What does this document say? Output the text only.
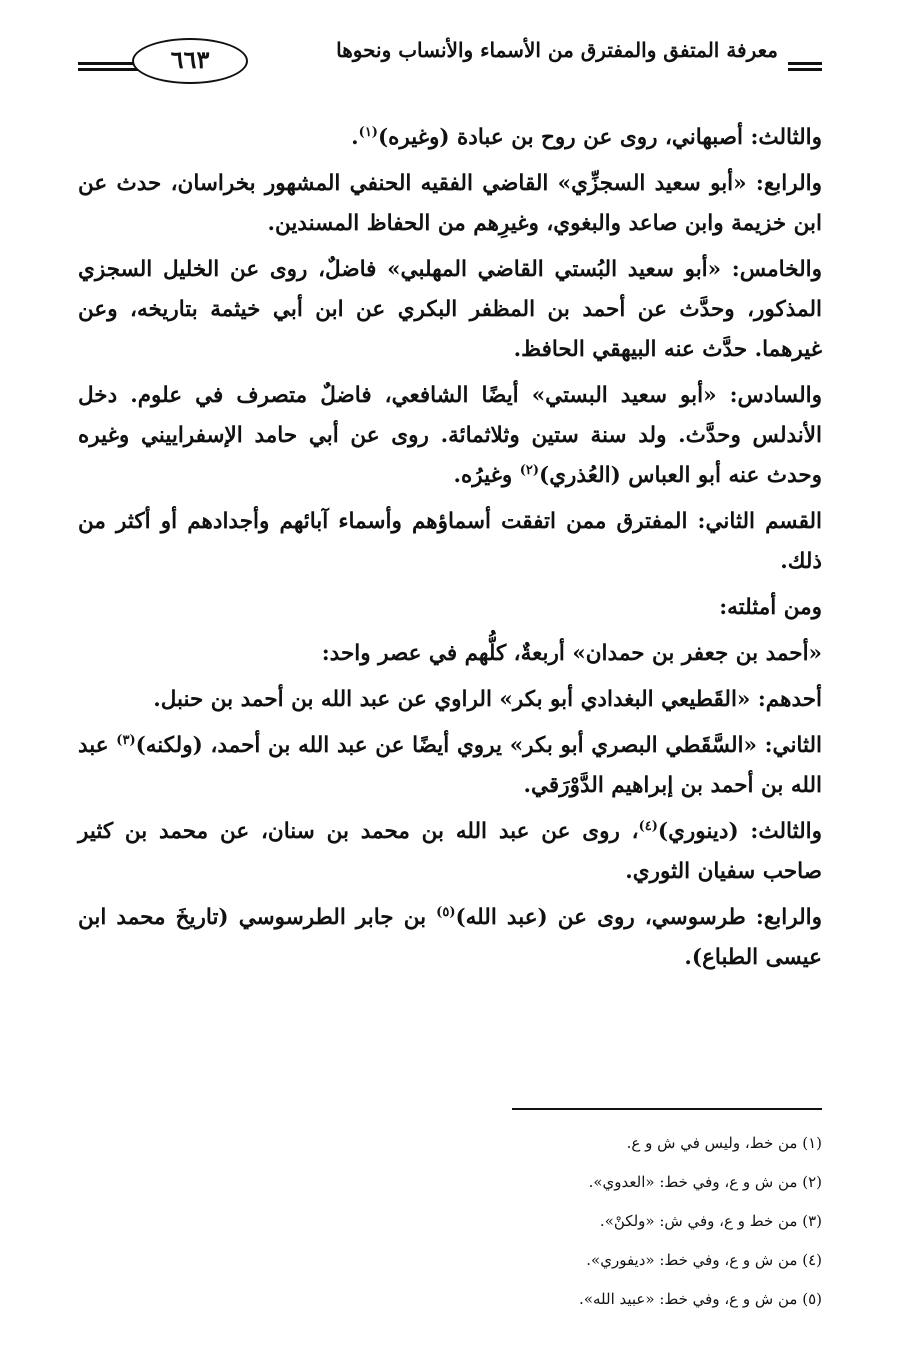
٦٦٣	معرفة المتفق والمفترق من الأسماء والأنساب ونحوها

والثالث: أصبهاني، روى عن روح بن عبادة (وغيره)$^{(١)}$.

والرابع: «أبو سعيد السجزِّي» القاضي الفقيه الحنفي المشهور بخراسان، حدث عن ابن خزيمة وابن صاعد والبغوي، وغيرِهم من الحفاظ المسندين.

والخامس: «أبو سعيد البُستي القاضي المهلبي» فاضلٌ، روى عن الخليل السجزي المذكور، وحدَّث عن أحمد بن المظفر البكري عن ابن أبي خيثمة بتاريخه، وعن غيرهما. حدَّث عنه البيهقي الحافظ.

والسادس: «أبو سعيد البستي» أيضًا الشافعي، فاضلٌ متصرف في علوم. دخل الأندلس وحدَّث. ولد سنة ستين وثلاثمائة. روى عن أبي حامد الإسفراييني وغيره وحدث عنه أبو العباس (العُذري)$^{(٢)}$ وغيرُه.

القسم الثاني: المفترق ممن اتفقت أسماؤهم وأسماء آبائهم وأجدادهم أو أكثر من ذلك.

ومن أمثلته:

«أحمد بن جعفر بن حمدان» أربعةٌ، كلُّهم في عصر واحد:

أحدهم: «القَطيعي البغدادي أبو بكر» الراوي عن عبد الله بن أحمد بن حنبل.

الثاني: «السَّقَطي البصري أبو بكر» يروي أيضًا عن عبد الله بن أحمد، (ولكنه)$^{(٣)}$ عبد الله بن أحمد بن إبراهيم الدَّوْرَقي.

والثالث: (دينوري)$^{(٤)}$، روى عن عبد الله بن محمد بن سنان، عن محمد بن كثير صاحب سفيان الثوري.

والرابع: طرسوسي، روى عن (عبد الله)$^{(٥)}$ بن جابر الطرسوسي (تاريخَ محمد ابن عيسى الطباع).

(١) من خط، وليس في ش و ع.

(٢) من ش و ع، وفي خط: «العدوي».

(٣) من خط و ع، وفي ش: «ولكنْ».

(٤) من ش و ع، وفي خط: «ديفوري».

(٥) من ش و ع، وفي خط: «عبيد الله».
